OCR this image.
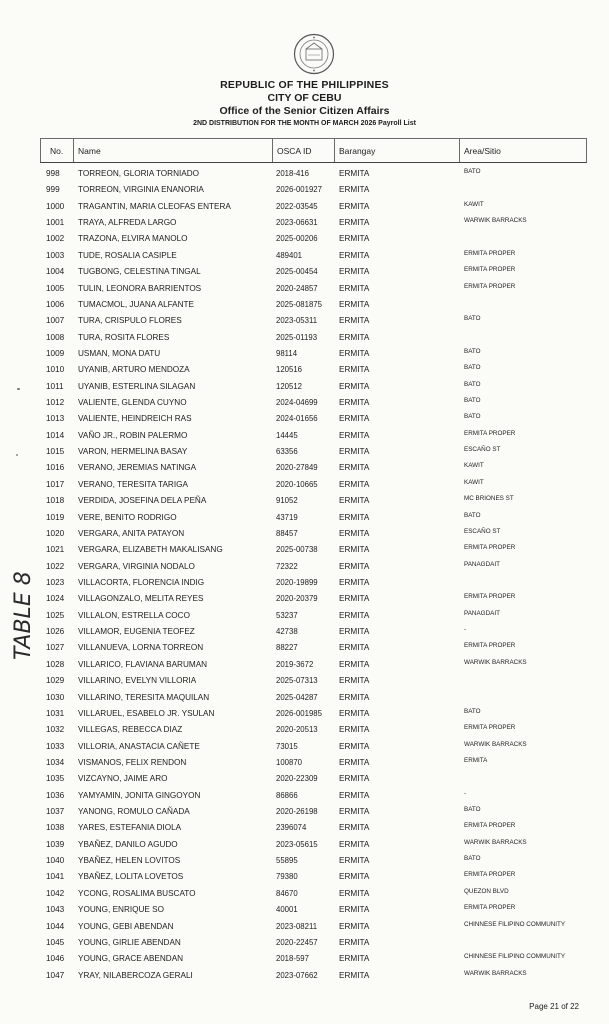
REPUBLIC OF THE PHILIPPINES
CITY OF CEBU
Office of the Senior Citizen Affairs
2ND DISTRIBUTION FOR THE MONTH OF MARCH 2026 Payroll List
No.	Name	OSCA ID	Barangay	Area/Sitio
998	TORREON, GLORIA TORNIADO	2018-416	ERMITA	BATO
999	TORREON, VIRGINIA ENANORIA	2026-001927 ERMITA
1000	TRAGANTIN, MARIA CLEOFAS ENTERA	2022-03545	ERMITA	KAWIT
1001	TRAYA, ALFREDA LARGO	2023-06631	ERMITA	WARWIK BARRACKS
1002	TRAZONA, ELVIRA MANOLO	2025-00206	ERMITA
1003	TUDE, ROSALIA CASIPLE	489401	ERMITA	ERMITA PROPER
1004	TUGBONG, CELESTINA TINGAL	2025-00454	ERMITA	ERMITA PROPER
1005	TULIN, LEONORA BARRIENTOS	2020-24857	ERMITA	ERMITA PROPER
1006	TUMACMOL, JUANA ALFANTE	2025-081875 ERMITA
1007	TURA, CRISPULO FLORES	2023-05311	ERMITA	BATO
1008	TURA, ROSITA FLORES	2025-01193	ERMITA
1009	USMAN, MONA DATU	98114	ERMITA	BATO
1010	UYANIB, ARTURO MENDOZA	120516	ERMITA	BATO
1011	UYANIB, ESTERLINA SILAGAN	120512	ERMITA	BATO
1012	VALIENTE, GLENDA CUYNO	2024-04699	ERMITA	BATO
1013	VALIENTE, HEINDREICH RAS	2024-01656	ERMITA	BATO
1014	VAÑO JR., ROBIN PALERMO	14445	ERMITA	ERMITA PROPER
1015	VARON, HERMELINA BASAY	63356	ERMITA	ESCAÑO ST
1016	VERANO, JEREMIAS NATINGA	2020-27849	ERMITA	KAWIT
1017	VERANO, TERESITA TARIGA	2020-10665	ERMITA	KAWIT
1018	VERDIDA, JOSEFINA DELA PEÑA	91052	ERMITA	MC BRIONES ST
1019	VERE, BENITO RODRIGO	43719	ERMITA	BATO
1020	VERGARA, ANITA PATAYON	88457	ERMITA	ESCAÑO ST
1021	VERGARA, ELIZABETH MAKALISANG	2025-00738	ERMITA	ERMITA PROPER
1022	VERGARA, VIRGINIA NODALO	72322	ERMITA	PANAGDAIT
1023	VILLACORTA, FLORENCIA INDIG	2020-19899	ERMITA
1024	VILLAGONZALO, MELITA REYES	2020-20379	ERMITA	ERMITA PROPER
1025	VILLALON, ESTRELLA COCO	53237	ERMITA	PANAGDAIT
1026	VILLAMOR, EUGENIA TEOFEZ	42738	ERMITA	-
1027	VILLANUEVA, LORNA TORREON	88227	ERMITA	ERMITA PROPER
1028	VILLARICO, FLAVIANA BARUMAN	2019-3672	ERMITA	WARWIK BARRACKS
1029	VILLARINO, EVELYN VILLORIA	2025-07313	ERMITA
1030	VILLARINO, TERESITA MAQUILAN	2025-04287	ERMITA
1031	VILLARUEL, ESABELO JR. YSULAN	2026-001985 ERMITA	BATO
1032	VILLEGAS, REBECCA DIAZ	2020-20513	ERMITA	ERMITA PROPER
1033	VILLORIA, ANASTACIA CAÑETE	73015	ERMITA	WARWIK BARRACKS
1034	VISMANOS, FELIX RENDON	100870	ERMITA	ERMITA
1035	VIZCAYNO, JAIME ARO	2020-22309	ERMITA
1036	YAMYAMIN, JONITA GINGOYON	86866	ERMITA	-
1037	YANONG, ROMULO CAÑADA	2020-26198	ERMITA	BATO
1038	YARES, ESTEFANIA DIOLA	2396074	ERMITA	ERMITA PROPER
1039	YBAÑEZ, DANILO AGUDO	2023-05615	ERMITA	WARWIK BARRACKS
1040	YBAÑEZ, HELEN LOVITOS	55895	ERMITA	BATO
1041	YBAÑEZ, LOLITA LOVETOS	79380	ERMITA	ERMITA PROPER
1042	YCONG, ROSALIMA BUSCATO	84670	ERMITA	QUEZON BLVD
1043	YOUNG, ENRIQUE SO	40001	ERMITA	ERMITA PROPER
1044	YOUNG, GEBI ABENDAN	2023-08211	ERMITA	CHINNESE FILIPINO COMMUNITY
1045	YOUNG, GIRLIE ABENDAN	2020-22457	ERMITA
1046	YOUNG, GRACE ABENDAN	2018-597	ERMITA	CHINNESE FILIPINO COMMUNITY
1047	YRAY, NILABERCOZA GERALI	2023-07662	ERMITA	WARWIK BARRACKS
TABLE 8
Page 21 of 22
